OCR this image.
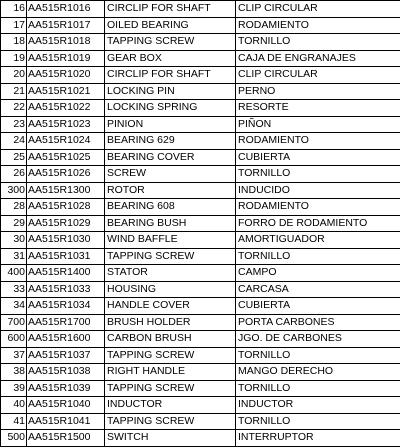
16	AA515R1016	CIRCLIP FOR SHAFT	CLIP CIRCULAR
17	AA515R1017	OILED BEARING	RODAMIENTO
18	AA515R1018	TAPPING SCREW	TORNILLO
19	AA515R1019	GEAR BOX	CAJA DE ENGRANAJES
20	AA515R1020	CIRCLIP FOR SHAFT	CLIP CIRCULAR
21	AA515R1021	LOCKING PIN	PERNO
22	AA515R1022	LOCKING SPRING	RESORTE
23	AA515R1023	PINION	PIÑON
24	AA515R1024	BEARING 629	RODAMIENTO
25	AA515R1025	BEARING COVER	CUBIERTA
26	AA515R1026	SCREW	TORNILLO
300	AA515R1300	ROTOR	INDUCIDO
28	AA515R1028	BEARING 608	RODAMIENTO
29	AA515R1029	BEARING BUSH	FORRO DE RODAMIENTO
30	AA515R1030	WIND BAFFLE	AMORTIGUADOR
31	AA515R1031	TAPPING SCREW	TORNILLO
400	AA515R1400	STATOR	CAMPO
33	AA515R1033	HOUSING	CARCASA
34	AA515R1034	HANDLE COVER	CUBIERTA
700	AA515R1700	BRUSH HOLDER	PORTA CARBONES
600	AA515R1600	CARBON BRUSH	JGO. DE CARBONES
37	AA515R1037	TAPPING SCREW	TORNILLO
38	AA515R1038	RIGHT HANDLE	MANGO DERECHO
39	AA515R1039	TAPPING SCREW	TORNILLO
40	AA515R1040	INDUCTOR	INDUCTOR
41	AA515R1041	TAPPING SCREW	TORNILLO
500	AA515R1500	SWITCH	INTERRUPTOR
